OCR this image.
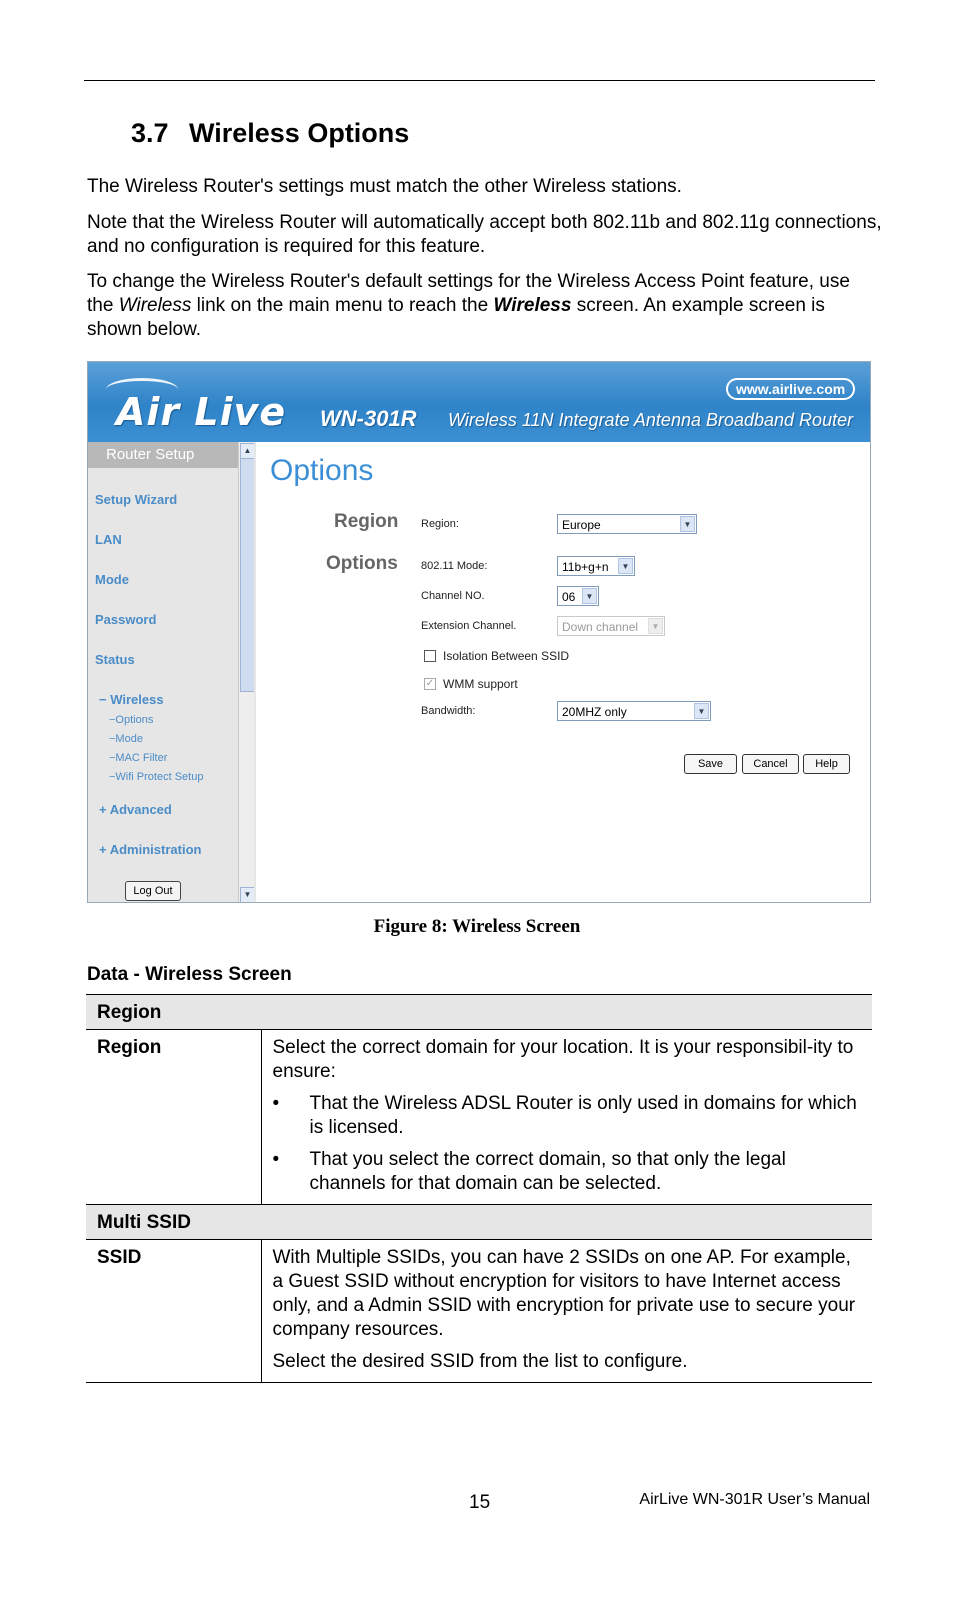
3.7 Wireless Options
The Wireless Router's settings must match the other Wireless stations.
Note that the Wireless Router will automatically accept both 802.11b and 802.11g connections, and no configuration is required for this feature.
To change the Wireless Router's default settings for the Wireless Access Point feature, use the Wireless link on the main menu to reach the Wireless screen. An example screen is shown below.
Air Live WN-301R Wireless 11N Integrate Antenna Broadband Router
www.airlive.com
Router Setup
Setup Wizard
LAN
Mode
Password
Status
− Wireless
−Options
−Mode
−MAC Filter
−Wifi Protect Setup
+ Advanced
+ Administration
Log Out
▲
▼
Options
Region
Options
Region:	Europe	▼
802.11 Mode:	11b+g+n	▼
Channel NO.	06	▼
Extension Channel.	Down channel	▼
Isolation Between SSID
✓ WMM support
Bandwidth:	20MHZ only	▼
Save	Cancel	Help
Figure 8: Wireless Screen
Data - Wireless Screen
Region	
Region	Select the correct domain for your location. It is your responsibil-ity to ensure:

• That the Wireless ADSL Router is only used in domains for which is licensed.
• That you select the correct domain, so that only the legal channels for that domain can be selected.

Multi SSID	
SSID	With Multiple SSIDs, you can have 2 SSIDs on one AP. For example, a Guest SSID without encryption for visitors to have Internet access only, and a Admin SSID with encryption for private use to secure your company resources.

Select the desired SSID from the list to configure.

15	AirLive WN-301R User’s Manual
